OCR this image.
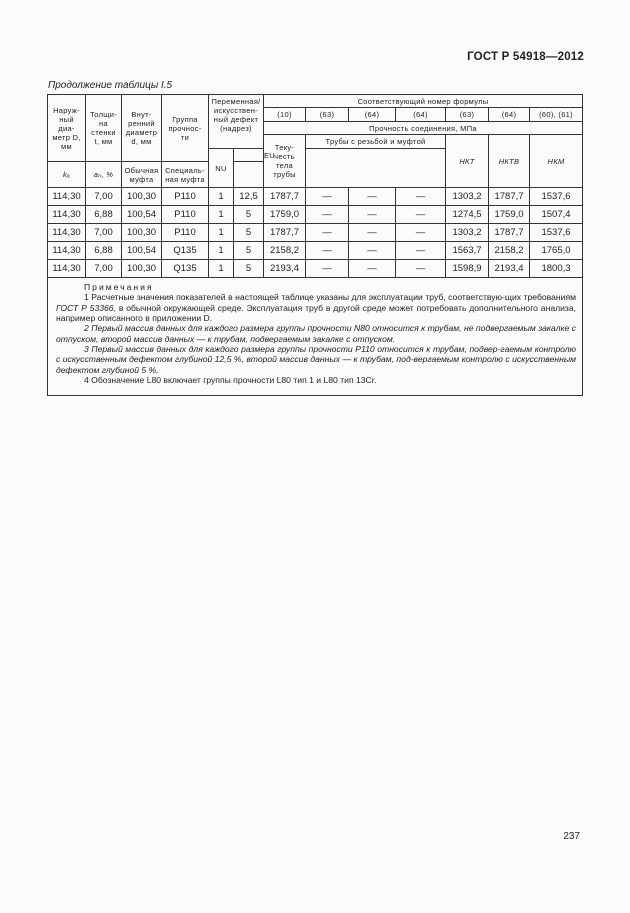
ГОСТ Р 54918—2012
Продолжение таблицы I.5
Наруж-
ный
диа-
метр D,
мм	Толщи-
на
стенки
t, мм	Внут-
ренний
диаметр
d, мм	Группа
прочнос-
ти	Переменная/
искусствен-
ный дефект
(надрез)		Соответствующий номер формулы						
						(10)	(63)	(64)	(64)	(63)	(64)	(60), (61)
						Прочность соединения, МПа						
						Теку-
честь
тела
трубы	Трубы с резьбой и муфтой			НКТ	НКТВ	НКМ
				NU	EU							
kₐ	aₙ, %	Обычная
муфта	Специаль-
ная муфта									
114,30	7,00	100,30	P110	1	12,5	1787,7	—	—	—	1303,2	1787,7	1537,6
114,30	6,88	100,54	P110	1	5	1759,0	—	—	—	1274,5	1759,0	1507,4
114,30	7,00	100,30	P110	1	5	1787,7	—	—	—	1303,2	1787,7	1537,6
114,30	6,88	100,54	Q135	1	5	2158,2	—	—	—	1563,7	2158,2	1765,0
114,30	7,00	100,30	Q135	1	5	2193,4	—	—	—	1598,9	2193,4	1800,3

Примечания
1 Расчетные значения показателей в настоящей таблице указаны для эксплуатации труб, соответствую-щих требованиям ГОСТ Р 53366, в обычной окружающей среде. Эксплуатация труб в другой среде может потребовать дополнительного анализа, например описанного в приложении D.
2 Первый массив данных для каждого размера группы прочности N80 относится к трубам, не подвергаемым закалке с отпуском, второй массив данных — к трубам, подвергаемым закалке с отпуском.
3 Первый массив данных для каждого размера группы прочности P110 относится к трубам, подвер-гаемым контролю с искусственным дефектом глубиной 12,5 %, второй массив данных — к трубам, под-вергаемым контролю с искусственным дефектом глубиной 5 %.
4 Обозначение L80 включает группы прочности L80 тип 1 и L80 тип 13Cr.												
237
